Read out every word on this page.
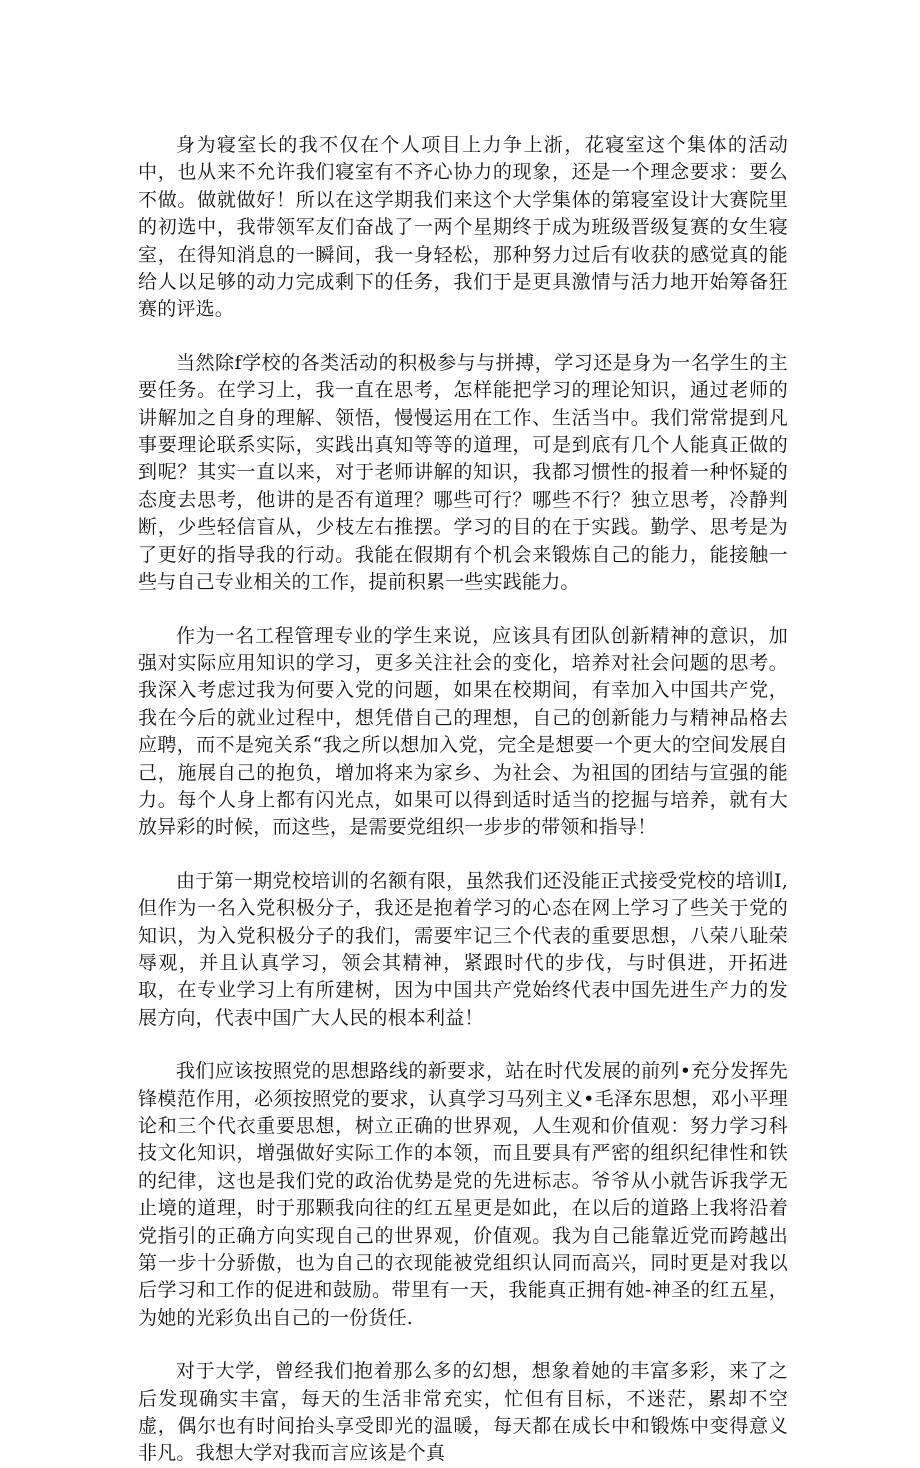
身为寝室长的我不仅在个人项目上力争上浙，花寝室这个集体的活动中，也从来不允许我们寝室有不齐心协力的现象，还是一个理念要求：要么不做。做就做好！所以在这学期我们来这个大学集体的第寝室设计大赛院里的初选中，我带领军友们奋战了一两个星期终于成为班级晋级复赛的女生寝室，在得知消息的一瞬间，我一身轻松，那种努力过后有收获的感觉真的能给人以足够的动力完成剩下的任务，我们于是更具激情与活力地开始筹备狂赛的评选。

当然除f学校的各类活动的积极参与与拼搏，学习还是身为一名学生的主要任务。在学习上，我一直在思考，怎样能把学习的理论知识，通过老师的讲解加之自身的理解、领悟，慢慢运用在工作、生活当中。我们常常提到凡事要理论联系实际，实践出真知等等的道理，可是到底有几个人能真正做的到呢？其实一直以来，对于老师讲解的知识，我都习惯性的报着一种怀疑的态度去思考，他讲的是否有道理？哪些可行？哪些不行？独立思考，冷静判断，少些轻信盲从，少枝左右推摆。学习的目的在于实践。勤学、思考是为了更好的指导我的行动。我能在假期有个机会来锻炼自己的能力，能接触一些与自己专业相关的工作，提前积累一些实践能力。

作为一名工程管理专业的学生来说，应该具有团队创新精神的意识，加强对实际应用知识的学习，更多关注社会的变化，培养对社会问题的思考。我深入考虑过我为何要入党的问题，如果在校期间，有幸加入中国共产党，我在今后的就业过程中，想凭借自己的理想，自己的创新能力与精神品格去应聘，而不是宛关系“我之所以想加入党，完全是想要一个更大的空间发展自己，施展自己的抱负，增加将来为家乡、为社会、为祖国的团结与宣强的能力。每个人身上都有闪光点，如果可以得到适时适当的挖掘与培养，就有大放异彩的时候，而这些，是需要党组织一步步的带领和指导！

由于第一期党校培训的名额有限，虽然我们还没能正式接受党校的培训I,但作为一名入党积极分子，我还是抱着学习的心态在网上学习了些关于党的知识，为入党积极分子的我们，需要牢记三个代表的重要思想，八荣八耻荣辱观，并且认真学习，领会其精神，紧跟时代的步伐，与时俱进，开拓进取，在专业学习上有所建树，因为中国共产党始终代表中国先进生产力的发展方向，代表中国广大人民的根本利益！

我们应该按照党的思想路线的新要求，站在时代发展的前列•充分发挥先锋模范作用，必须按照党的要求，认真学习马列主义•毛泽东思想，邓小平理论和三个代衣重要思想，树立正确的世界观，人生观和价值观：努力学习科技文化知识，增强做好实际工作的本领，而且要具有严密的组织纪律性和铁的纪律，这也是我们党的政治优势是党的先进标志。爷爷从小就告诉我学无止境的道理，时于那颗我向往的红五星更是如此，在以后的道路上我将沿着党指引的正确方向实现自己的世界观，价值观。我为自己能靠近党而跨越出第一步十分骄傲，也为自己的衣现能被党组织认同而高兴，同时更是对我以后学习和工作的促进和鼓励。带里有一天，我能真正拥有她-神圣的红五星，为她的光彩负出自己的一份货任.

对于大学，曾经我们抱着那么多的幻想，想象着她的丰富多彩，来了之后发现确实丰富，每天的生活非常充实，忙但有目标，不迷茫，累却不空虚，偶尔也有时间抬头享受即光的温暖，每天都在成长中和锻炼中变得意义非凡。我想大学对我而言应该是个真
